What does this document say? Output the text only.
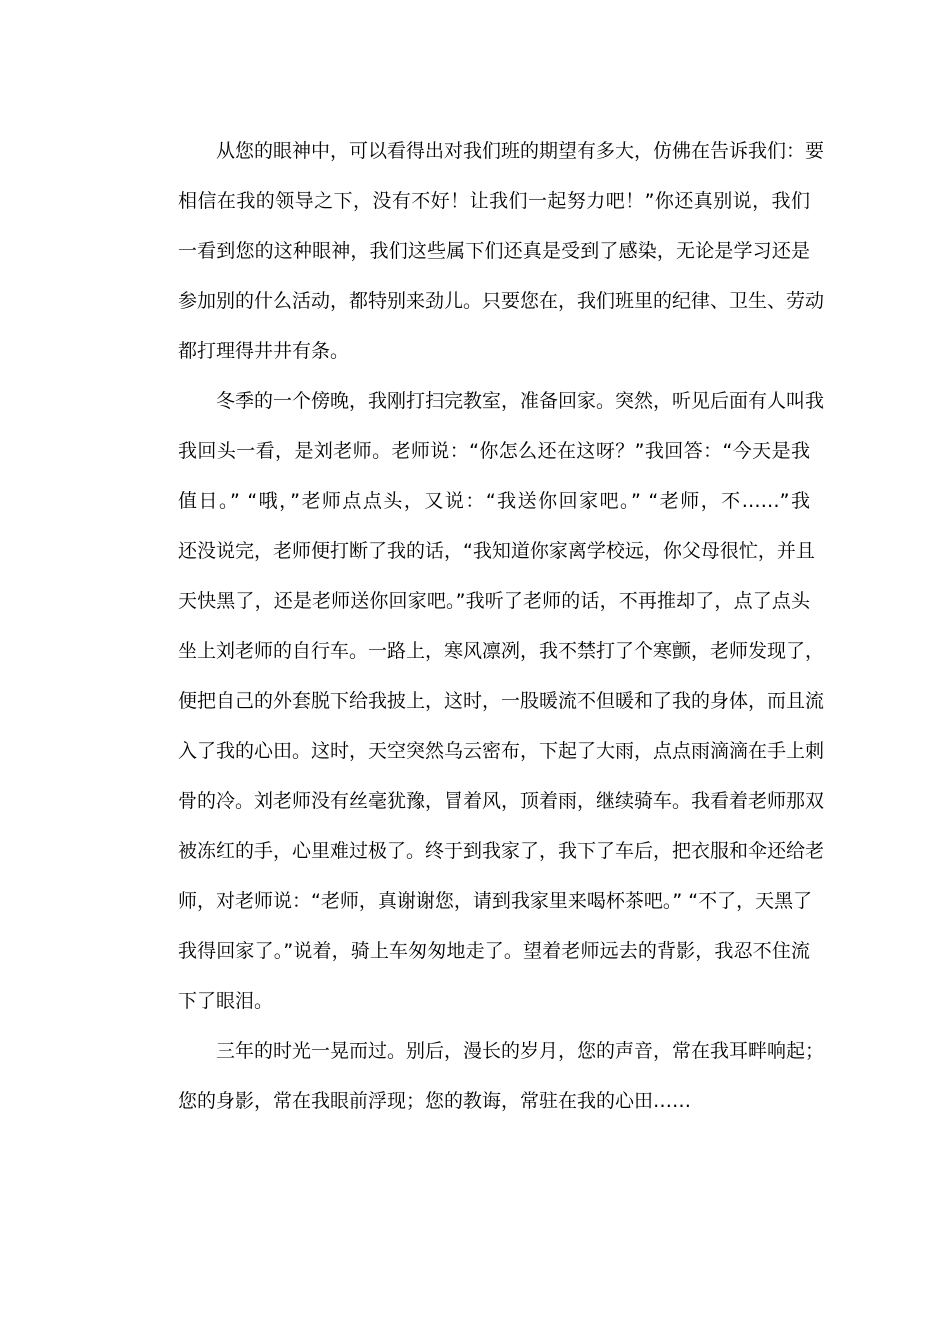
从您的眼神中，可以看得出对我们班的期望有多大，仿佛在告诉我们：要
相信在我的领导之下，没有不好！让我们一起努力吧！”你还真别说，我们
一看到您的这种眼神，我们这些属下们还真是受到了感染，无论是学习还是
参加别的什么活动，都特别来劲儿。只要您在，我们班里的纪律、卫生、劳动
都打理得井井有条。
冬季的一个傍晚，我刚打扫完教室，准备回家。突然，听见后面有人叫我
我回头一看，是刘老师。老师说：“你怎么还在这呀？”我回答：“今天是我
值日。” “哦，”老师点点头，又说：“我送你回家吧。” “老师，不……”我
还没说完，老师便打断了我的话，“我知道你家离学校远，你父母很忙，并且
天快黑了，还是老师送你回家吧。”我听了老师的话，不再推却了，点了点头
坐上刘老师的自行车。一路上，寒风凛冽，我不禁打了个寒颤，老师发现了，
便把自己的外套脱下给我披上，这时，一股暖流不但暖和了我的身体，而且流
入了我的心田。这时，天空突然乌云密布，下起了大雨，点点雨滴滴在手上刺
骨的冷。刘老师没有丝毫犹豫，冒着风，顶着雨，继续骑车。我看着老师那双
被冻红的手，心里难过极了。终于到我家了，我下了车后，把衣服和伞还给老
师，对老师说：“老师，真谢谢您，请到我家里来喝杯茶吧。” “不了，天黑了
我得回家了。”说着，骑上车匆匆地走了。望着老师远去的背影，我忍不住流
下了眼泪。
三年的时光一晃而过。别后，漫长的岁月，您的声音，常在我耳畔响起；
您的身影，常在我眼前浮现；您的教诲，常驻在我的心田……
